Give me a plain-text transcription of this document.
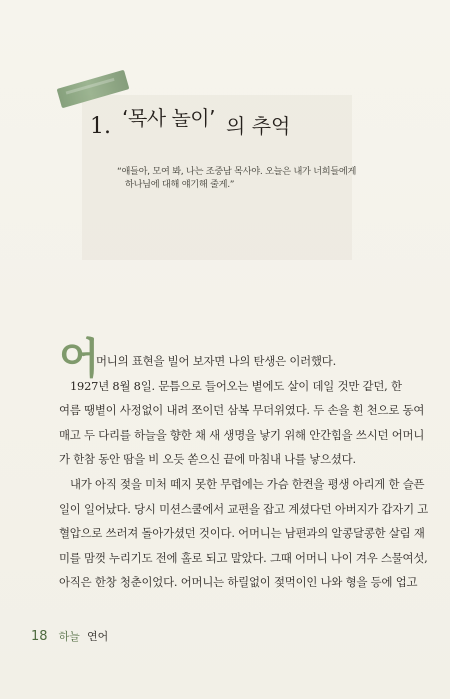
1. ‘목사 놀이’ 의 추억
“애들아, 모여 봐, 나는 조중남 목사야. 오늘은 내가 너희들에게
하나님에 대해 얘기해 줄게.”
어
머니의 표현을 빌어 보자면 나의 탄생은 이러했다.
1927년 8월 8일. 문틈으로 들어오는 볕에도 살이 데일 것만 같던, 한
여름 땡볕이 사정없이 내려 쪼이던 삼복 무더위였다. 두 손을 흰 천으로 동여
매고 두 다리를 하늘을 향한 채 새 생명을 낳기 위해 안간힘을 쓰시던 어머니
가 한참 동안 땀을 비 오듯 쏟으신 끝에 마침내 나를 낳으셨다.
내가 아직 젖을 미처 떼지 못한 무렵에는 가슴 한켠을 평생 아리게 한 슬픈
일이 일어났다. 당시 미션스쿨에서 교편을 잡고 계셨다던 아버지가 갑자기 고
혈압으로 쓰러져 돌아가셨던 것이다. 어머니는 남편과의 알콩달콩한 살림 재
미를 맘껏 누리기도 전에 홀로 되고 말았다. 그때 어머니 나이 겨우 스물여섯,
아직은 한창 청춘이었다. 어머니는 하릴없이 젖먹이인 나와 형을 등에 업고
18 하늘 연어
